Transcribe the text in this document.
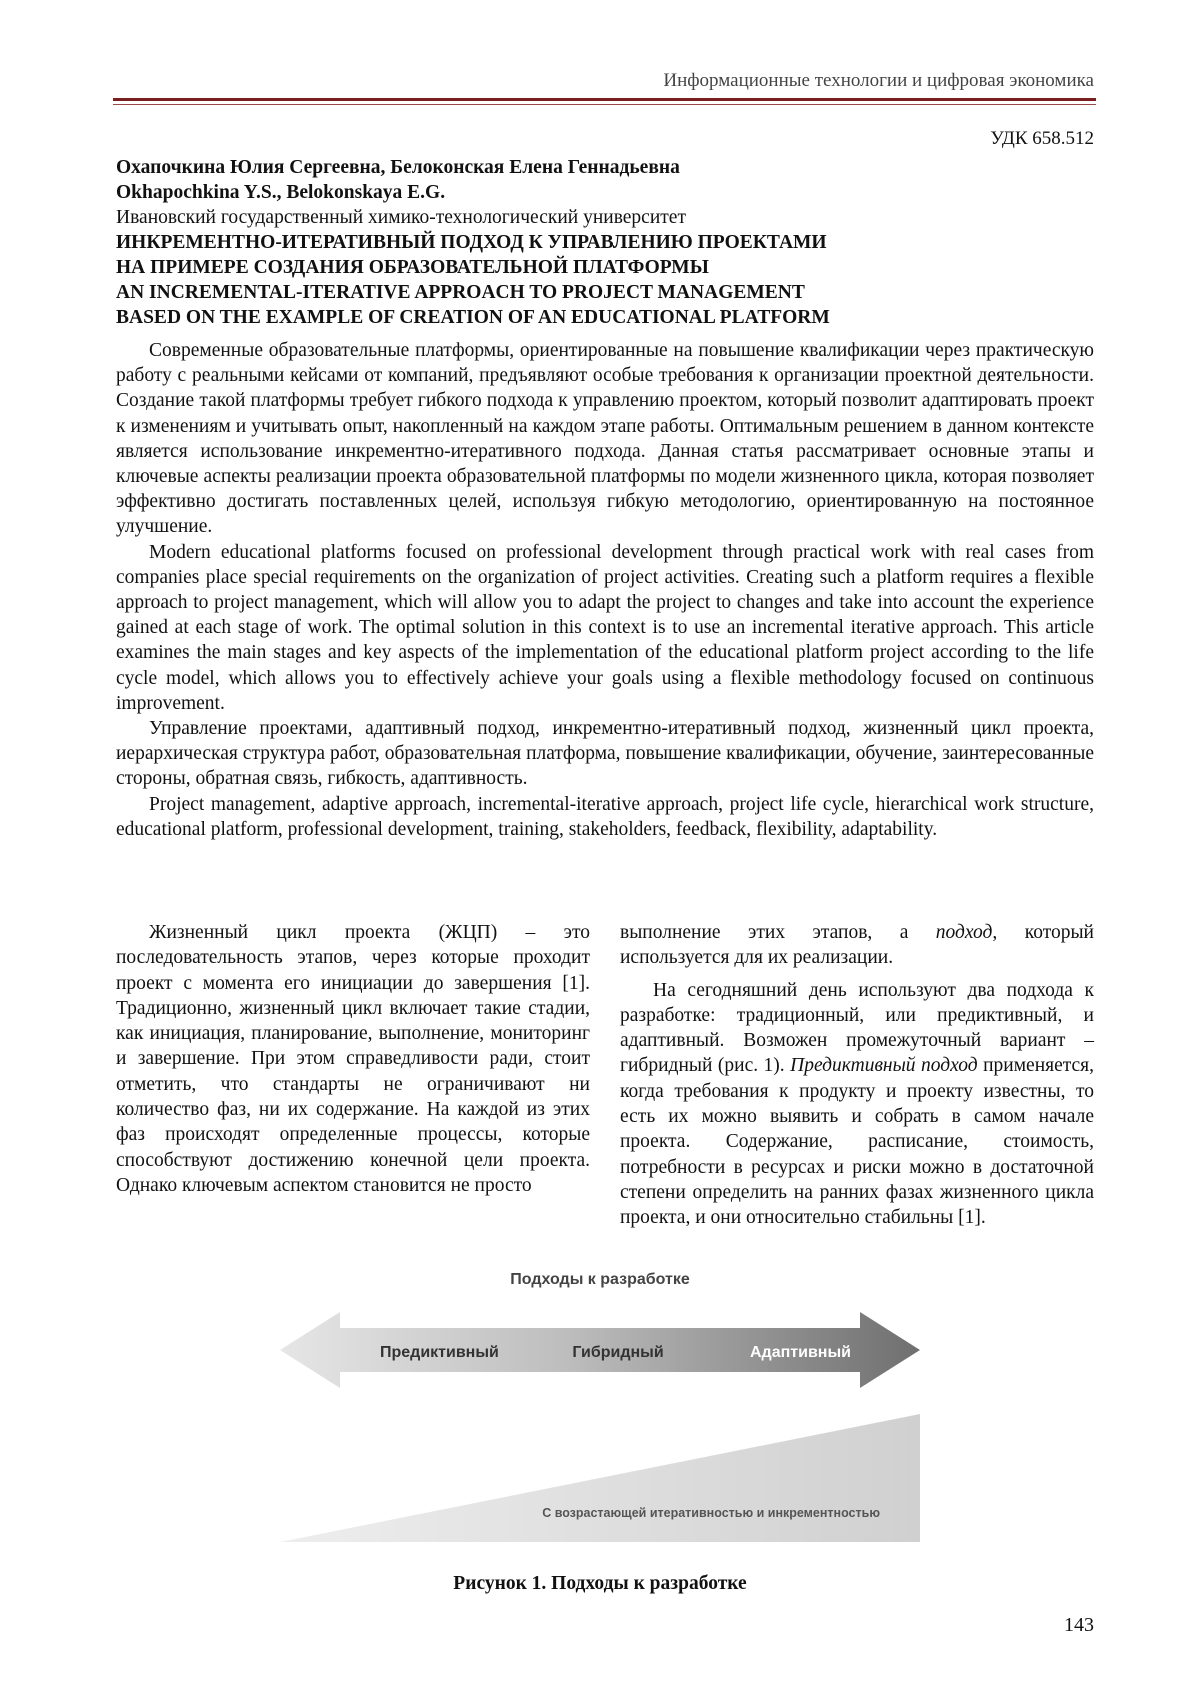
Информационные технологии и цифровая экономика
УДК 658.512
Охапочкина Юлия Сергеевна, Белоконская Елена Геннадьевна
Okhapochkina Y.S., Belokonskaya E.G.
Ивановский государственный химико-технологический университет
ИНКРЕМЕНТНО-ИТЕРАТИВНЫЙ ПОДХОД К УПРАВЛЕНИЮ ПРОЕКТАМИ
НА ПРИМЕРЕ СОЗДАНИЯ ОБРАЗОВАТЕЛЬНОЙ ПЛАТФОРМЫ
AN INCREMENTAL-ITERATIVE APPROACH TO PROJECT MANAGEMENT
BASED ON THE EXAMPLE OF CREATION OF AN EDUCATIONAL PLATFORM

Современные образовательные платформы, ориентированные на повышение квалификации через практическую работу с реальными кейсами от компаний, предъявляют особые требования к организации проектной деятельности. Создание такой платформы требует гибкого подхода к управлению проектом, который позволит адаптировать проект к изменениям и учитывать опыт, накопленный на каждом этапе работы. Оптимальным решением в данном контексте является использование инкрементно-итеративного подхода. Данная статья рассматривает основные этапы и ключевые аспекты реализации проекта образовательной платформы по модели жизненного цикла, которая позволяет эффективно достигать поставленных целей, используя гибкую методологию, ориентированную на постоянное улучшение.

Modern educational platforms focused on professional development through practical work with real cases from companies place special requirements on the organization of project activities. Creating such a platform requires a flexible approach to project management, which will allow you to adapt the project to changes and take into account the experience gained at each stage of work. The optimal solution in this context is to use an incremental iterative approach. This article examines the main stages and key aspects of the implementation of the educational platform project according to the life cycle model, which allows you to effectively achieve your goals using a flexible methodology focused on continuous improvement.

Управление проектами, адаптивный подход, инкрементно-итеративный подход, жизненный цикл проекта, иерархическая структура работ, образовательная платформа, повышение квалификации, обучение, заинтересованные стороны, обратная связь, гибкость, адаптивность.

Project management, adaptive approach, incremental-iterative approach, project life cycle, hierarchical work structure, educational platform, professional development, training, stakeholders, feedback, flexibility, adaptability.

Жизненный цикл проекта (ЖЦП) – это последовательность этапов, через которые проходит проект с момента его инициации до завершения [1]. Традиционно, жизненный цикл включает такие стадии, как инициация, планирование, выполнение, мониторинг и завершение. При этом справедливости ради, стоит отметить, что стандарты не ограничивают ни количество фаз, ни их содержание. На каждой из этих фаз происходят определенные процессы, которые способствуют достижению конечной цели проекта. Однако ключевым аспектом становится не просто

выполнение этих этапов, а подход, который используется для их реализации.

На сегодняшний день используют два подхода к разработке: традиционный, или предиктивный, и адаптивный. Возможен промежуточный вариант – гибридный (рис. 1). Предиктивный подход применяется, когда требования к продукту и проекту известны, то есть их можно выявить и собрать в самом начале проекта. Содержание, расписание, стоимость, потребности в ресурсах и риски можно в достаточной степени определить на ранних фазах жизненного цикла проекта, и они относительно стабильны [1].

Подходы к разработке
Предиктивный	Гибридный	Адаптивный
С возрастающей итеративностью и инкрементностью
Рисунок 1. Подходы к разработке
143
